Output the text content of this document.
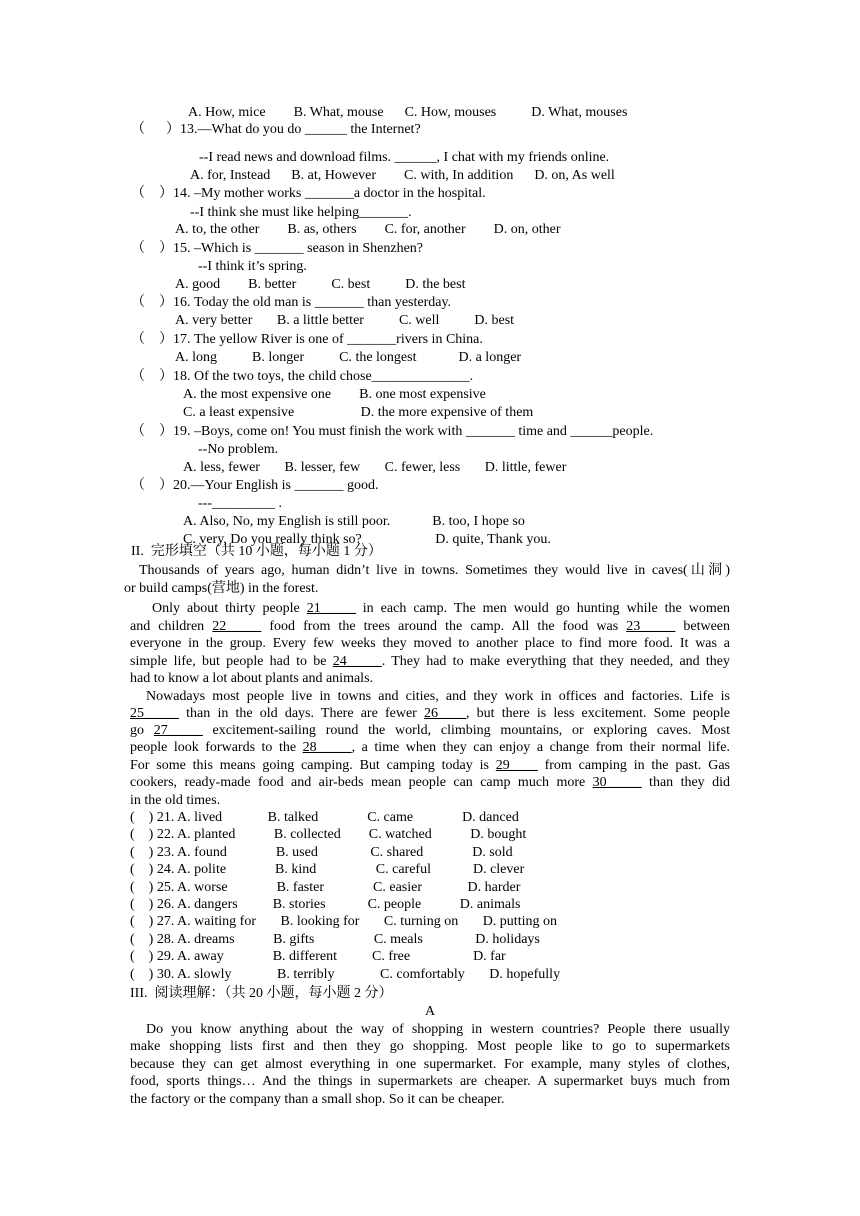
A. How, mice        B. What, mouse      C. How, mouses          D. What, mouses
（      ）13.—What do you do ______ the Internet?
--I read news and download films. ______, I chat with my friends online.
A. for, Instead      B. at, However        C. with, In addition      D. on, As well
（    ）14. –My mother works _______a doctor in the hospital.
--I think she must like helping_______.
A. to, the other        B. as, others        C. for, another        D. on, other
（    ）15. –Which is _______ season in Shenzhen?
--I think it’s spring.
A. good        B. better          C. best          D. the best
（    ）16. Today the old man is _______ than yesterday.
A. very better       B. a little better          C. well          D. best
（    ）17. The yellow River is one of _______rivers in China.
A. long          B. longer          C. the longest            D. a longer
（    ）18. Of the two toys, the child chose______________.
A. the most expensive one        B. one most expensive
C. a least expensive                   D. the more expensive of them
（    ）19. –Boys, come on! You must finish the work with _______ time and ______people.
--No problem.
A. less, fewer       B. lesser, few       C. fewer, less       D. little, fewer
（    ）20.—Your English is _______ good.
---_________ .
A. Also, No, my English is still poor.            B. too, I hope so
C. very, Do you really think so?                     D. quite, Thank you.
II.  完形填空（共 10 小题，每小题 1 分）
Thousands of years ago, human didn’t live in towns. Sometimes they would live in caves(山洞)
or build camps(营地) in the forest.
Only about thirty people 21_____ in each camp. The men would go hunting while the women
and children 22_____ food from the trees around the camp. All the food was 23_____ between
everyone in the group. Every few weeks they moved to another place to find more food. It was a
simple life, but people had to be 24_____. They had to make everything that they needed, and they
had to know a lot about plants and animals.
Nowadays most people live in towns and cities, and they work in offices and factories. Life is
25_____ than in the old days. There are fewer 26____, but there is less excitement. Some people
go 27_____ excitement-sailing round the world, climbing mountains, or exploring caves. Most
people look forwards to the 28_____, a time when they can enjoy a change from their normal life.
For some this means going camping. But camping today is 29____ from camping in the past. Gas
cookers, ready-made food and air-beds mean people can camp much more 30_____ than they did
in the old times.
(    ) 21. A. lived             B. talked              C. came              D. danced
(    ) 22. A. planted           B. collected        C. watched           D. bought
(    ) 23. A. found              B. used               C. shared              D. sold
(    ) 24. A. polite              B. kind                 C. careful            D. clever
(    ) 25. A. worse              B. faster              C. easier             D. harder
(    ) 26. A. dangers          B. stories            C. people           D. animals
(    ) 27. A. waiting for       B. looking for       C. turning on       D. putting on
(    ) 28. A. dreams           B. gifts                 C. meals               D. holidays
(    ) 29. A. away              B. different          C. free                  D. far
(    ) 30. A. slowly             B. terribly             C. comfortably       D. hopefully
III.  阅读理解：（共 20 小题，每小题 2 分）
A
Do you know anything about the way of shopping in western countries? People there usually
make shopping lists first and then they go shopping. Most people like to go to supermarkets
because they can get almost everything in one supermarket. For example, many styles of clothes,
food, sports things… And the things in supermarkets are cheaper. A supermarket buys much from
the factory or the company than a small shop. So it can be cheaper.
